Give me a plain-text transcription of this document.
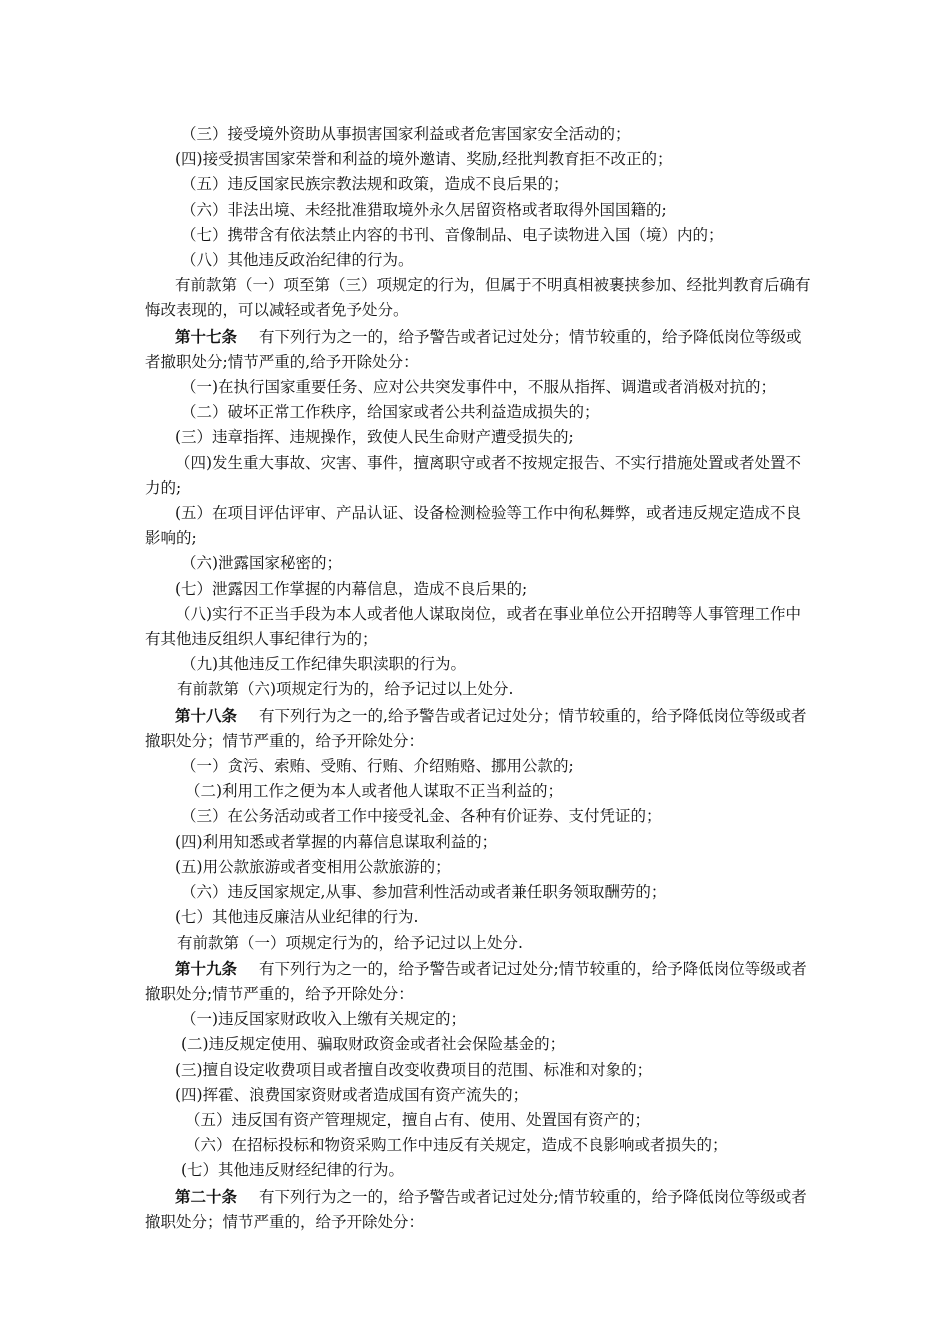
（三）接受境外资助从事损害国家利益或者危害国家安全活动的；

(四)接受损害国家荣誉和利益的境外邀请、奖励,经批判教育拒不改正的；

（五）违反国家民族宗教法规和政策，造成不良后果的；

（六）非法出境、未经批准猎取境外永久居留资格或者取得外国国籍的;

（七）携带含有依法禁止内容的书刊、音像制品、电子读物进入国（境）内的；

（八）其他违反政治纪律的行为。

有前款第（一）项至第（三）项规定的行为，但属于不明真相被裹挟参加、经批判教育后确有悔改表现的，可以减轻或者免予处分。

第十七条 有下列行为之一的，给予警告或者记过处分；情节较重的，给予降低岗位等级或者撤职处分;情节严重的,给予开除处分：

（一)在执行国家重要任务、应对公共突发事件中，不服从指挥、调遣或者消极对抗的；

（二）破坏正常工作秩序，给国家或者公共利益造成损失的；

(三）违章指挥、违规操作，致使人民生命财产遭受损失的;

（四)发生重大事故、灾害、事件，擅离职守或者不按规定报告、不实行措施处置或者处置不力的;

(五）在项目评估评审、产品认证、设备检测检验等工作中徇私舞弊，或者违反规定造成不良影响的;

（六)泄露国家秘密的；

(七）泄露因工作掌握的内幕信息，造成不良后果的;

（八)实行不正当手段为本人或者他人谋取岗位，或者在事业单位公开招聘等人事管理工作中有其他违反组织人事纪律行为的；

（九)其他违反工作纪律失职渎职的行为。

有前款第（六)项规定行为的，给予记过以上处分.

第十八条 有下列行为之一的,给予警告或者记过处分；情节较重的，给予降低岗位等级或者撤职处分；情节严重的，给予开除处分：

（一）贪污、索贿、受贿、行贿、介绍贿赂、挪用公款的;

（二)利用工作之便为本人或者他人谋取不正当利益的；

（三）在公务活动或者工作中接受礼金、各种有价证券、支付凭证的；

(四)利用知悉或者掌握的内幕信息谋取利益的；

(五)用公款旅游或者变相用公款旅游的；

（六）违反国家规定,从事、参加营利性活动或者兼任职务领取酬劳的；

(七）其他违反廉洁从业纪律的行为.

有前款第（一）项规定行为的，给予记过以上处分.

第十九条 有下列行为之一的，给予警告或者记过处分;情节较重的，给予降低岗位等级或者撤职处分;情节严重的，给予开除处分：

（一)违反国家财政收入上缴有关规定的；

(二)违反规定使用、骗取财政资金或者社会保险基金的；

(三)擅自设定收费项目或者擅自改变收费项目的范围、标准和对象的；

(四)挥霍、浪费国家资财或者造成国有资产流失的；

（五）违反国有资产管理规定，擅自占有、使用、处置国有资产的；

（六）在招标投标和物资采购工作中违反有关规定，造成不良影响或者损失的；

(七）其他违反财经纪律的行为。

第二十条 有下列行为之一的，给予警告或者记过处分;情节较重的，给予降低岗位等级或者撤职处分；情节严重的，给予开除处分：
